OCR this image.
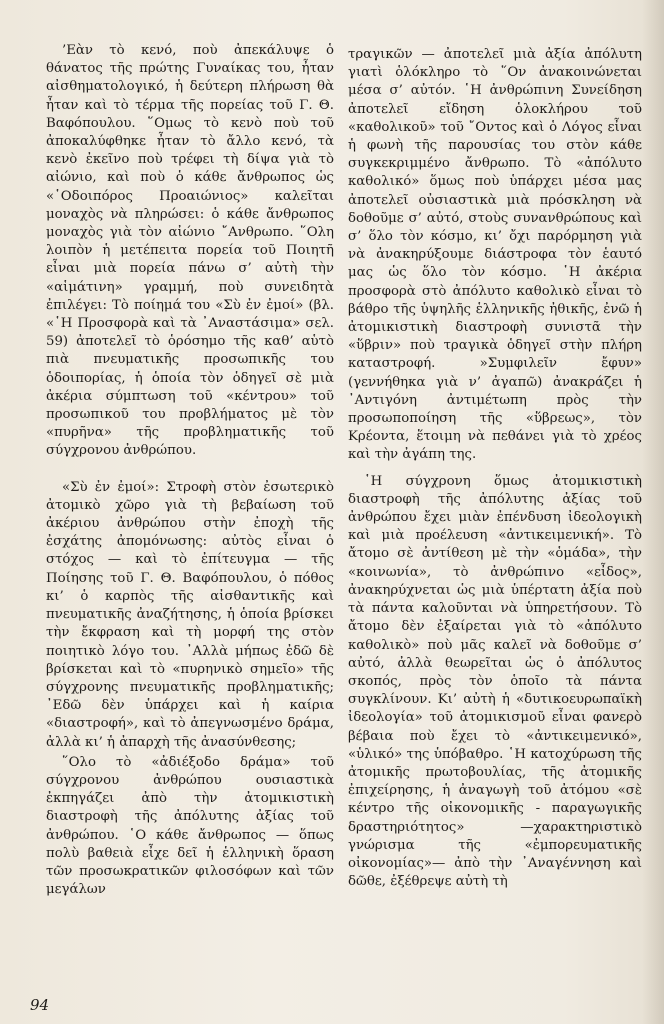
’Εὰν τὸ κενό, ποὺ ἀπεκάλυψε ὁ θάνατος τῆς πρώτης Γυναίκας του, ἦταν αἰσθηματολογικό, ἡ δεύτερη πλήρωση θὰ ἦταν καὶ τὸ τέρμα τῆς πορείας τοῦ Γ. Θ. Βαφόπουλου. ῞Ομως τὸ κενὸ ποὺ τοῦ ἀποκαλύφθηκε ἦταν τὸ ἄλλο κενό, τὰ κενὸ ἐκεῖνο ποὺ τρέφει τὴ δίψα γιὰ τὸ αἰώνιο, καὶ ποὺ ὁ κάθε ἄνθρωπος ὡς «῾Οδοιπόρος Προαιώνιος» καλεῖται μοναχὸς νὰ πληρώσει: ὁ κάθε ἄνθρωπος μοναχὸς γιὰ τὸν αἰώνιο ῎Ανθρωπο. ῞Ολη λοιπὸν ἡ μετέπειτα πορεία τοῦ Ποιητῆ εἶναι μιὰ πορεία πάνω σ’ αὐτὴ τὴν «αἱμάτινη» γραμμή, ποὺ συνειδητὰ ἐπιλέγει: Τὸ ποίημά του «Σὺ ἐν ἐμοί» (βλ. «῾Η Προσφορὰ καὶ τὰ ᾿Αναστάσιμα» σελ. 59) ἀποτελεῖ τὸ ὁρόσημο τῆς καθ’ αὑτὸ πιὰ πνευματικῆς προσωπικῆς του ὁδοιπορίας, ἡ ὁποία τὸν ὁδηγεῖ σὲ μιὰ ἀκέρια σύμπτωση τοῦ «κέντρου» τοῦ προσωπικοῦ του προβλήματος μὲ τὸν «πυρῆνα» τῆς προβληματικῆς τοῦ σύγχρονου ἀνθρώπου.

«Σὺ ἐν ἐμοί»: Στροφὴ στὸν ἐσωτερικὸ ἀτομικὸ χῶρο γιὰ τὴ βεβαίωση τοῦ ἀκέριου ἀνθρώπου στὴν ἐποχὴ τῆς ἐσχάτης ἀπομόνωσης: αὐτὸς εἶναι ὁ στόχος — καὶ τὸ ἐπίτευγμα — τῆς Ποίησης τοῦ Γ. Θ. Βαφόπουλου, ὁ πόθος κι’ ὁ καρπὸς τῆς αἰσθαντικῆς καὶ πνευματικῆς ἀναζήτησης, ἡ ὁποία βρίσκει τὴν ἔκφραση καὶ τὴ μορφή της στὸν ποιητικὸ λόγο του. ᾿Αλλὰ μήπως ἐδῶ δὲ βρίσκεται καὶ τὸ «πυρηνικὸ σημεῖο» τῆς σύγχρονης πνευματικῆς προβληματικῆς; ᾿Εδῶ δὲν ὑπάρχει καὶ ἡ καίρια «διαστροφή», καὶ τὸ ἀπεγνωσμένο δράμα, ἀλλὰ κι’ ἡ ἀπαρχὴ τῆς ἀνασύνθεσης;

῞Ολο τὸ «ἀδιέξοδο δράμα» τοῦ σύγχρονου ἀνθρώπου ουσιαστικὰ ἐκπηγάζει ἀπὸ τὴν ἀτομικιστικὴ διαστροφὴ τῆς ἀπόλυτης ἀξίας τοῦ ἀνθρώπου. ῾Ο κάθε ἄνθρωπος — ὅπως πολὺ βαθειὰ εἶχε δεῖ ἡ ἑλληνικὴ ὅραση τῶν προσωκρατικῶν φιλοσόφων καὶ τῶν μεγάλων

τραγικῶν — ἀποτελεῖ μιὰ ἀξία ἀπόλυτη γιατὶ ὁλόκληρο τὸ ῞Ον ἀνακοινώνεται μέσα σ’ αὐτόν. ῾Η ἀνθρώπινη Συνείδηση ἀποτελεῖ εἴδηση ὁλοκλήρου τοῦ «καθολικοῦ» τοῦ ῎Οντος καὶ ὁ Λόγος εἶναι ἡ φωνὴ τῆς παρουσίας του στὸν κάθε συγκεκριμμένο ἄνθρωπο. Τὸ «ἀπόλυτο καθολικό» ὅμως ποὺ ὑπάρχει μέσα μας ἀποτελεῖ οὐσιαστικὰ μιὰ πρόσκληση νὰ δοθοῦμε σ’ αὐτό, στοὺς συνανθρώπους καὶ σ’ ὅλο τὸν κόσμο, κι’ ὄχι παρόρμηση γιὰ νὰ ἀνακηρύξουμε διάστροφα τὸν ἑαυτό μας ὡς ὅλο τὸν κόσμο. ῾Η ἀκέρια προσφορὰ στὸ ἀπόλυτο καθολικὸ εἶναι τὸ βάθρο τῆς ὑψηλῆς ἑλληνικῆς ἠθικῆς, ἐνῶ ἡ ἀτομικιστικὴ διαστροφὴ συνιστᾶ τὴν «ὕβριν» ποὺ τραγικὰ ὁδηγεῖ στὴν πλήρη καταστροφή. »Συμφιλεῖν ἔφυν» (γεννήθηκα γιὰ ν’ ἀγαπῶ) ἀνακράζει ἡ ᾿Αντιγόνη ἀντιμέτωπη πρὸς τὴν προσωποποίηση τῆς «ὕβρεως», τὸν Κρέοντα, ἕτοιμη νὰ πεθάνει γιὰ τὸ χρέος καὶ τὴν ἀγάπη της.

῾Η σύγχρονη ὅμως ἀτομικιστικὴ διαστροφὴ τῆς ἀπόλυτης ἀξίας τοῦ ἀνθρώπου ἔχει μιὰν ἐπένδυση ἰδεολογικὴ καὶ μιὰ προέλευση «ἀντικειμενική». Τὸ ἄτομο σὲ ἀντίθεση μὲ τὴν «ὁμάδα», τὴν «κοινωνία», τὸ ἀνθρώπινο «εἶδος», ἀνακηρύχνεται ὡς μιὰ ὑπέρτατη ἀξία ποὺ τὰ πάντα καλοῦνται νὰ ὑπηρετήσουν. Τὸ ἄτομο δὲν ἐξαίρεται γιὰ τὸ «ἀπόλυτο καθολικὸ» ποὺ μᾶς καλεῖ νὰ δοθοῦμε σ’ αὐτό, ἀλλὰ θεωρεῖται ὡς ὁ ἀπόλυτος σκοπός, πρὸς τὸν ὁποῖο τὰ πάντα συγκλίνουν. Κι’ αὐτὴ ἡ «δυτικοευρωπαϊκὴ ἰδεολογία» τοῦ ἀτομικισμοῦ εἶναι φανερὸ βέβαια ποὺ ἔχει τὸ «ἀντικειμενικό», «ὑλικό» της ὑπόβαθρο. ῾Η κατοχύρωση τῆς ἀτομικῆς πρωτοβουλίας, τῆς ἀτομικῆς ἐπιχείρησης, ἡ ἀναγωγὴ τοῦ ἀτόμου «σὲ κέντρο τῆς οἰκονομικῆς - παραγωγικῆς δραστηριότητος» —χαρακτηριστικὸ γνώρισμα τῆς «ἐμπορευματικῆς οἰκονομίας»— ἀπὸ τὴν ᾿Αναγέννηση καὶ δῶθε, ἐξέθρεψε αὐτὴ τὴ

94
